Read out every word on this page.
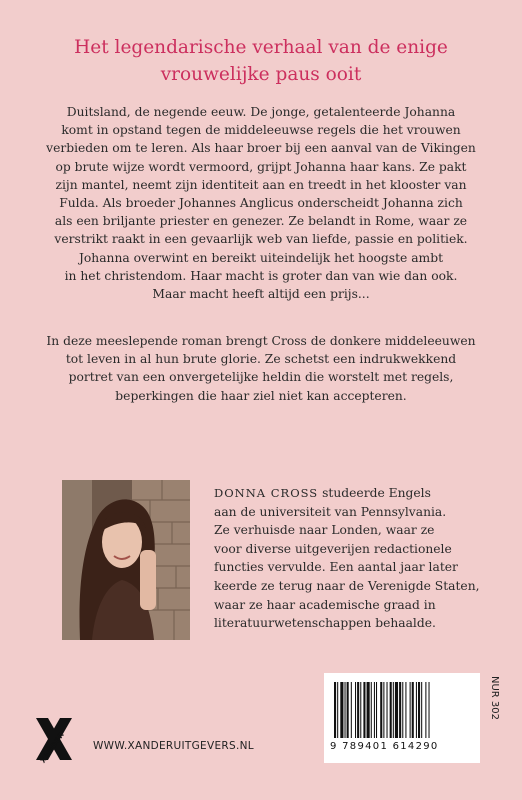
Het legendarische verhaal van de enige
vrouwelijke paus ooit
Duitsland, de negende eeuw. De jonge, getalenteerde Johanna
komt in opstand tegen de middeleeuwse regels die het vrouwen
verbieden om te leren. Als haar broer bij een aanval van de Vikingen
op brute wijze wordt vermoord, grijpt Johanna haar kans. Ze pakt
zijn mantel, neemt zijn identiteit aan en treedt in het klooster van
Fulda. Als broeder Johannes Anglicus onderscheidt Johanna zich
als een briljante priester en genezer. Ze belandt in Rome, waar ze
verstrikt raakt in een gevaarlijk web van liefde, passie en politiek.
Johanna overwint en bereikt uiteindelijk het hoogste ambt
in het christendom. Haar macht is groter dan van wie dan ook.
Maar macht heeft altijd een prijs...
In deze meeslepende roman brengt Cross de donkere middeleeuwen
tot leven in al hun brute glorie. Ze schetst een indrukwekkend
portret van een onvergetelijke heldin die worstelt met regels,
beperkingen die haar ziel niet kan accepteren.
DONNA CROSS studeerde Engels
aan de universiteit van Pennsylvania.
Ze verhuisde naar Londen, waar ze
voor diverse uitgeverijen redactionele
functies vervulde. Een aantal jaar later
keerde ze terug naar de Verenigde Staten,
waar ze haar academische graad in
literatuurwetenschappen behaalde.
9 789401 614290
NUR 302
XANDER	WWW.XANDERUITGEVERS.NL
